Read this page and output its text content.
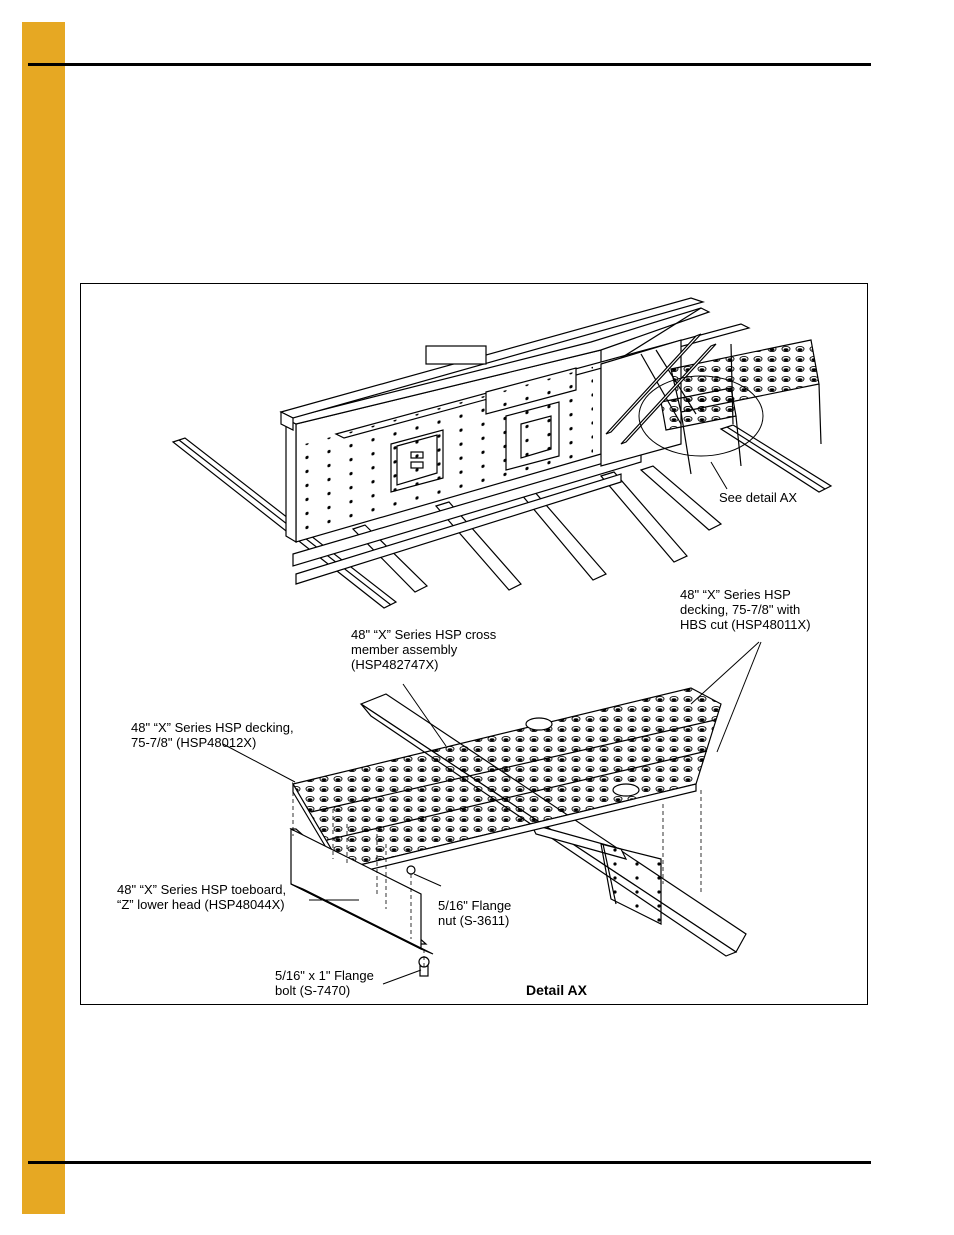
See detail AX
48" “X” Series HSP
decking, 75-7/8" with
HBS cut (HSP48011X)
48" “X” Series HSP cross
member assembly
(HSP482747X)
48" “X” Series HSP decking,
75-7/8" (HSP48012X)
48" “X” Series HSP toeboard,
“Z” lower head (HSP48044X)	5/16" Flange
nut (S-3611)
5/16" x 1" Flange
bolt (S-7470)	Detail AX
